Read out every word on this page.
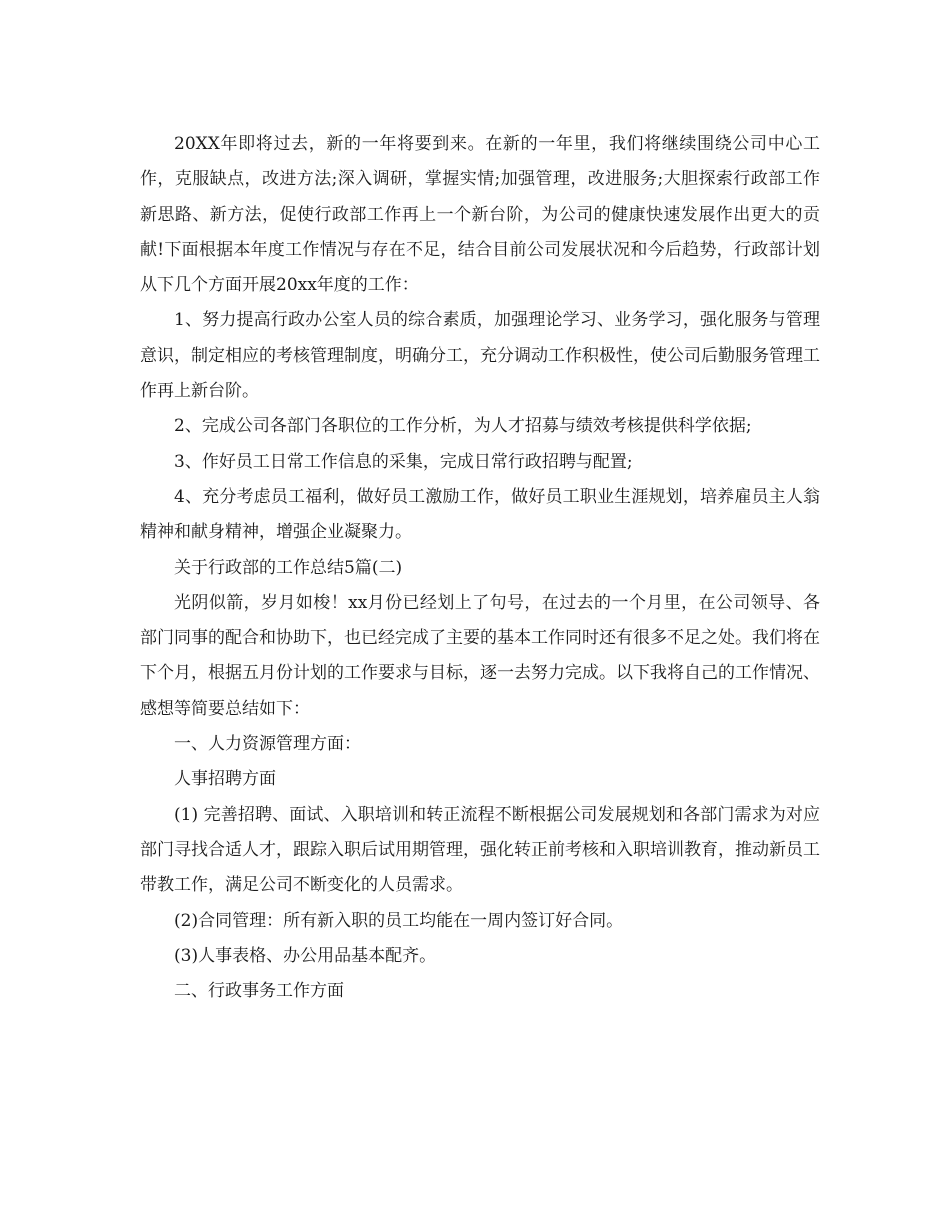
20XX年即将过去，新的一年将要到来。在新的一年里，我们将继续围绕公司中心工作，克服缺点，改进方法;深入调研，掌握实情;加强管理，改进服务;大胆探索行政部工作新思路、新方法，促使行政部工作再上一个新台阶，为公司的健康快速发展作出更大的贡献!下面根据本年度工作情况与存在不足，结合目前公司发展状况和今后趋势，行政部计划从下几个方面开展20xx年度的工作：

1、努力提高行政办公室人员的综合素质，加强理论学习、业务学习，强化服务与管理意识，制定相应的考核管理制度，明确分工，充分调动工作积极性，使公司后勤服务管理工作再上新台阶。

2、完成公司各部门各职位的工作分析，为人才招募与绩效考核提供科学依据;

3、作好员工日常工作信息的采集，完成日常行政招聘与配置;

4、充分考虑员工福利，做好员工激励工作，做好员工职业生涯规划，培养雇员主人翁精神和献身精神，增强企业凝聚力。

关于行政部的工作总结5篇(二)

光阴似箭，岁月如梭！xx月份已经划上了句号，在过去的一个月里，在公司领导、各部门同事的配合和协助下，也已经完成了主要的基本工作同时还有很多不足之处。我们将在下个月，根据五月份计划的工作要求与目标，逐一去努力完成。以下我将自己的工作情况、感想等简要总结如下：

一、人力资源管理方面：

人事招聘方面

(1) 完善招聘、面试、入职培训和转正流程不断根据公司发展规划和各部门需求为对应部门寻找合适人才，跟踪入职后试用期管理，强化转正前考核和入职培训教育，推动新员工带教工作，满足公司不断变化的人员需求。

(2)合同管理：所有新入职的员工均能在一周内签订好合同。

(3)人事表格、办公用品基本配齐。

二、行政事务工作方面
